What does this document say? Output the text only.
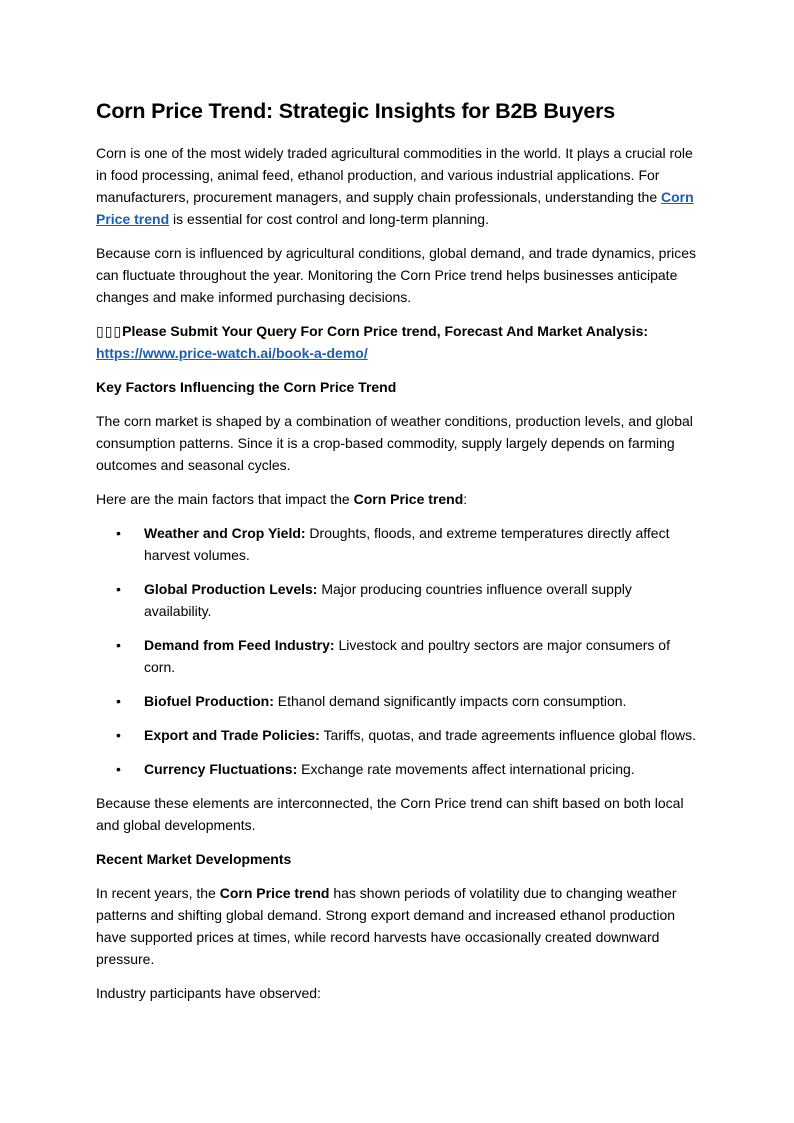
Corn Price Trend: Strategic Insights for B2B Buyers

Corn is one of the most widely traded agricultural commodities in the world. It plays a crucial role in food processing, animal feed, ethanol production, and various industrial applications. For manufacturers, procurement managers, and supply chain professionals, understanding the Corn Price trend is essential for cost control and long-term planning.

Because corn is influenced by agricultural conditions, global demand, and trade dynamics, prices can fluctuate throughout the year. Monitoring the Corn Price trend helps businesses anticipate changes and make informed purchasing decisions.

▯▯▯Please Submit Your Query For Corn Price trend, Forecast And Market Analysis:
https://www.price-watch.ai/book-a-demo/

Key Factors Influencing the Corn Price Trend

The corn market is shaped by a combination of weather conditions, production levels, and global consumption patterns. Since it is a crop-based commodity, supply largely depends on farming outcomes and seasonal cycles.

Here are the main factors that impact the Corn Price trend:

• Weather and Crop Yield: Droughts, floods, and extreme temperatures directly affect harvest volumes.
• Global Production Levels: Major producing countries influence overall supply availability.
• Demand from Feed Industry: Livestock and poultry sectors are major consumers of corn.
• Biofuel Production: Ethanol demand significantly impacts corn consumption.
• Export and Trade Policies: Tariffs, quotas, and trade agreements influence global flows.
• Currency Fluctuations: Exchange rate movements affect international pricing.

Because these elements are interconnected, the Corn Price trend can shift based on both local and global developments.

Recent Market Developments

In recent years, the Corn Price trend has shown periods of volatility due to changing weather patterns and shifting global demand. Strong export demand and increased ethanol production have supported prices at times, while record harvests have occasionally created downward pressure.

Industry participants have observed:
